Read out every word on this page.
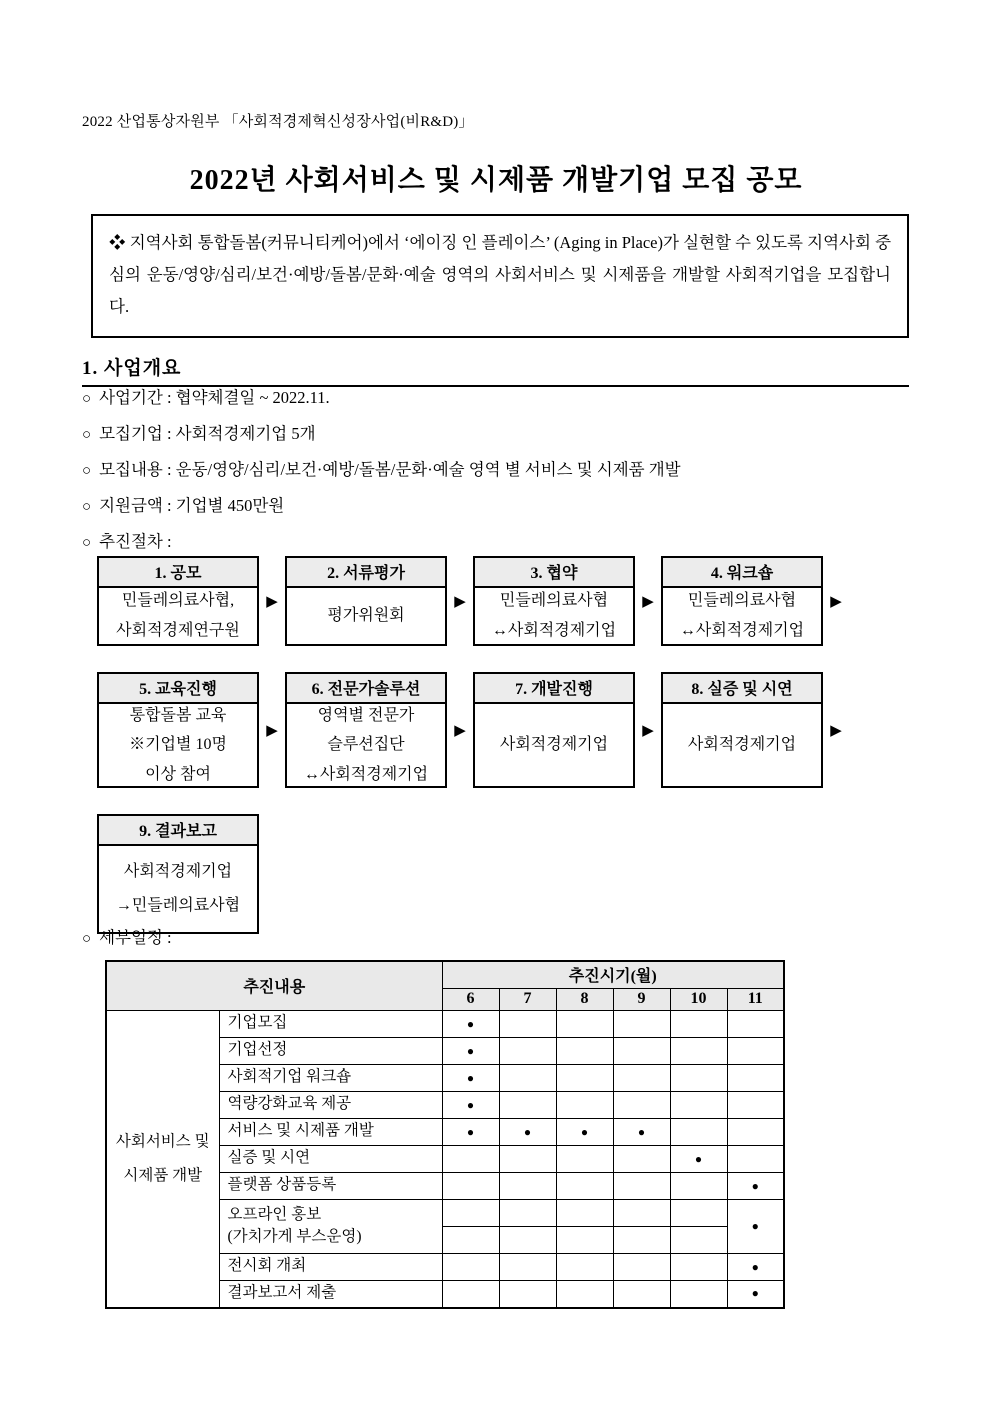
2022 산업통상자원부 「사회적경제혁신성장사업(비R&D)」
2022년 사회서비스 및 시제품 개발기업 모집 공모
❖ 지역사회 통합돌봄(커뮤니티케어)에서 ‘에이징 인 플레이스’ (Aging in Place)가 실현할 수 있도록 지역사회 중심의 운동/영양/심리/보건·예방/돌봄/문화·예술 영역의 사회서비스 및 시제품을 개발할 사회적기업을 모집합니다.
1. 사업개요
○ 사업기간 : 협약체결일 ~ 2022.11.
○ 모집기업 : 사회적경제기업 5개
○ 모집내용 : 운동/영양/심리/보건·예방/돌봄/문화·예술 영역 별 서비스 및 시제품 개발
○ 지원금액 : 기업별 450만원
○ 추진절차 :
1. 공모
민들레의료사협,
사회적경제연구원
▶
2. 서류평가
평가위원회
▶
3. 협약
민들레의료사협
↔사회적경제기업
▶
4. 워크숍
민들레의료사협
↔사회적경제기업
▶
5. 교육진행
통합돌봄 교육
※기업별 10명
이상 참여
▶
6. 전문가솔루션
영역별 전문가
슬루션집단
↔사회적경제기업
▶
7. 개발진행
사회적경제기업
▶
8. 실증 및 시연
사회적경제기업
▶
9. 결과보고
사회적경제기업
→민들레의료사협
○ 세부일정 :
추진내용		추진시기(월)					
		6	7	8	9	10	11
사회서비스 및 시제품 개발	기업모집	●					
	기업선정	●					
	사회적기업 워크숍	●					
	역량강화교육 제공	●					
	서비스 및 시제품 개발	●	●	●	●		
	실증 및 시연					●	
	플랫폼 상품등록						●

	오프라인 홍보
(가치가게 부스운영)						●

	전시회 개최						●
	결과보고서 제출						●
